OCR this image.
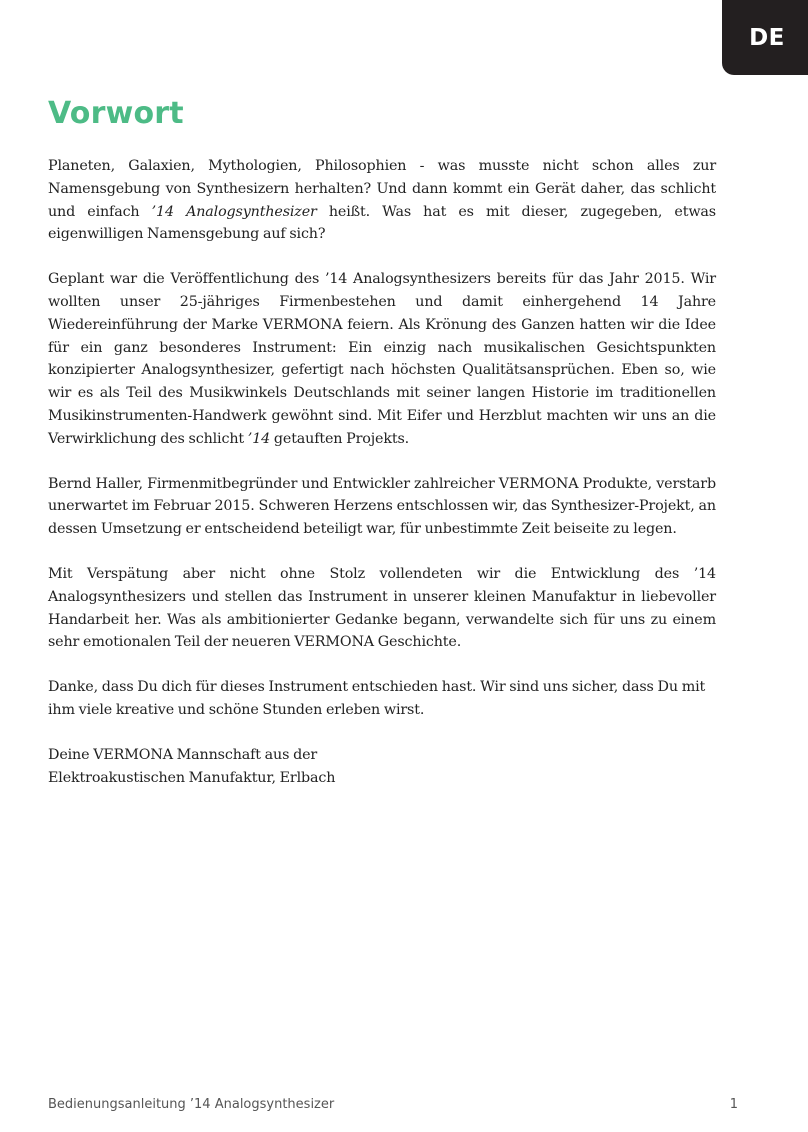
DE
Vorwort

Planeten, Galaxien, Mythologien, Philosophien - was musste nicht schon alles zur Namensgebung von Synthesizern herhalten? Und dann kommt ein Gerät daher, das schlicht und einfach ’14 Analogsynthesizer heißt. Was hat es mit dieser, zugegeben, etwas eigenwilligen Namensgebung auf sich?

Geplant war die Veröffentlichung des ’14 Analogsynthesizers bereits für das Jahr 2015. Wir wollten unser 25-jähriges Firmenbestehen und damit einhergehend 14 Jahre Wiedereinführung der Marke VERMONA feiern. Als Krönung des Ganzen hatten wir die Idee für ein ganz besonderes Instrument: Ein einzig nach musikalischen Gesichtspunkten konzipierter Analogsynthesizer, gefertigt nach höchsten Qualitätsansprüchen. Eben so, wie wir es als Teil des Musikwinkels Deutschlands mit seiner langen Historie im traditionellen Musikinstrumenten-Handwerk gewöhnt sind. Mit Eifer und Herzblut machten wir uns an die Verwirklichung des schlicht ’14 getauften Projekts.

Bernd Haller, Firmenmitbegründer und Entwickler zahlreicher VERMONA Produkte, verstarb unerwartet im Februar 2015. Schweren Herzens entschlossen wir, das Synthesizer-Projekt, an dessen Umsetzung er entscheidend beteiligt war, für unbestimmte Zeit beiseite zu legen.

Mit Verspätung aber nicht ohne Stolz vollendeten wir die Entwicklung des ’14 Analogsynthesizers und stellen das Instrument in unserer kleinen Manufaktur in liebevoller Handarbeit her. Was als ambitionierter Gedanke begann, verwandelte sich für uns zu einem sehr emotionalen Teil der neueren VERMONA Geschichte.

Danke, dass Du dich für dieses Instrument entschieden hast. Wir sind uns sicher, dass Du mit ihm viele kreative und schöne Stunden erleben wirst.

Deine VERMONA Mannschaft aus der

Elektroakustischen Manufaktur, Erlbach

Bedienungsanleitung ’14 Analogsynthesizer	1
